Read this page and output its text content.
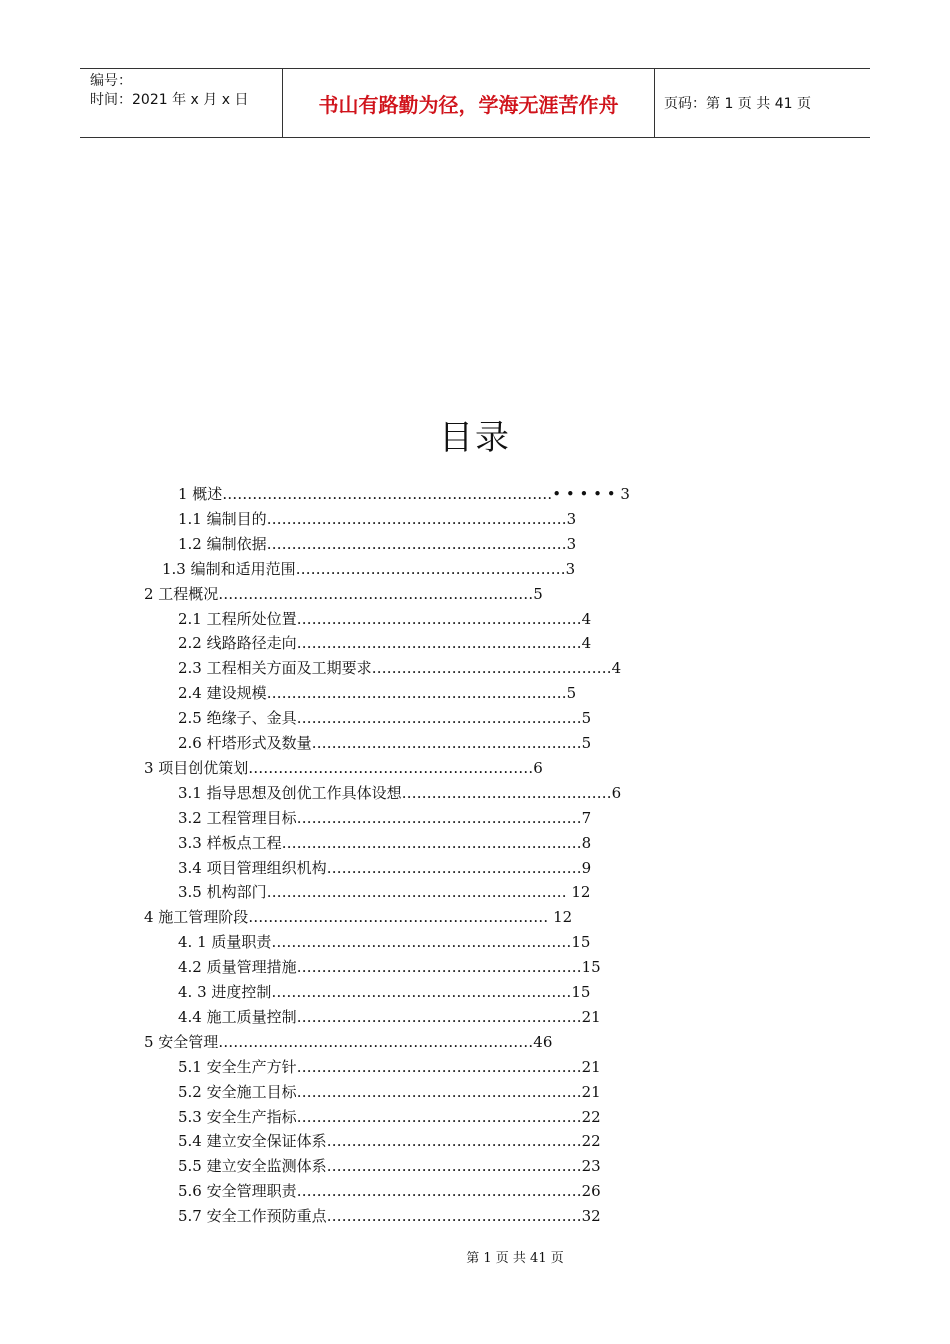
编号：
时间：2021 年 x 月 x 日	书山有路勤为径，学海无涯苦作舟	页码：第 1 页 共 41 页
目录
1 概述…………………………………………………………• • • • • 3
1.1 编制目的……………………………………………………3
1.2 编制依据……………………………………………………3
1.3 编制和适用范围………………………………………………3
2 工程概况………………………………………………………5
2.1 工程所处位置…………………………………………………4
2.2 线路路径走向…………………………………………………4
2.3 工程相关方面及工期要求…………………………………………4
2.4 建设规模……………………………………………………5
2.5 绝缘子、金具…………………………………………………5
2.6 杆塔形式及数量………………………………………………5
3 项目创优策划…………………………………………………6
3.1 指导思想及创优工作具体设想……………………………………6
3.2 工程管理目标…………………………………………………7
3.3 样板点工程……………………………………………………8
3.4 项目管理组织机构……………………………………………9
3.5 机构部门…………………………………………………… 12
4 施工管理阶段…………………………………………………… 12
4. 1 质量职责……………………………………………………15
4.2 质量管理措施…………………………………………………15
4. 3 进度控制……………………………………………………15
4.4 施工质量控制…………………………………………………21
5 安全管理………………………………………………………46
5.1 安全生产方针…………………………………………………21
5.2 安全施工目标…………………………………………………21
5.3 安全生产指标…………………………………………………22
5.4 建立安全保证体系……………………………………………22
5.5 建立安全监测体系……………………………………………23
5.6 安全管理职责…………………………………………………26
5.7 安全工作预防重点……………………………………………32
第 1 页 共 41 页
